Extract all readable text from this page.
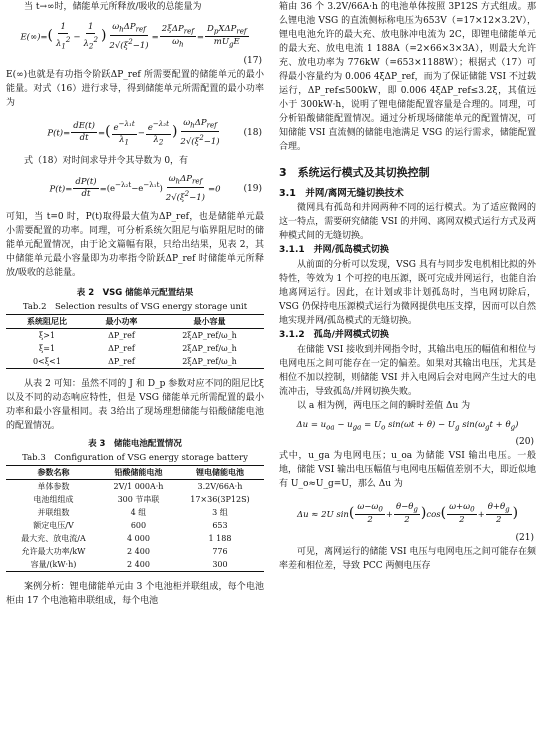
当 t→∞时，储能单元所释放/吸收的总能量为

$E(\infty)=( \frac{1}{\lambda_1^2} - \frac{1}{\lambda_2^2}$ ) $\frac{\omega_h\Delta P_{ref}}{2√(\xi^2-1)} = \frac{2\xi\Delta P_{ref}}{\omega_h} = \frac{D_pX\Delta P_{ref}}{mU_gE}$
(17)

E(∞)也就是有功指令阶跃ΔP_ref 所需要配置的储能单元的最小能量。对式（16）进行求导，得到储能单元所需配置的最小功率为

$P(t)= \frac{dE(t)}{dt}$ =( $\frac{e^{-\lambda_1t}}{\lambda_1} - \frac{e^{-\lambda_2t}}{\lambda_2}$ ) $\frac{\omega_h\Delta P_{ref}}{2√(\xi^2-1)} (18)$

式（18）对时间求导并令其导数为 0，有

$P(t)= \frac{dP(t)}{dt} =(e^{-\lambda_2t}-e^{-\lambda_1t}) \frac{\omega_h\Delta P_{ref}}{2√(\xi^2-1)} =0$	(19)

可知，当 t=0 时，P(t)取得最大值为ΔP_ref，也是储能单元最小需要配置的功率。同理，可分析系统欠阻尼与临界阻尼时的储能单元配置情况，由于论文篇幅有限，只给出结果，见表 2，其中储能单元最小容量即为功率指令阶跃ΔP_ref 时储能单元所释放/吸收的总能量。

表 2　VSG 储能单元配置结果
Tab.2　Selection results of VSG energy storage unit
系统阻尼比	最小功率	最小容量
ξ>1	ΔP_ref	2ξΔP_ref/ω_h
ξ=1	ΔP_ref	2ξΔP_ref/ω_h
0<ξ<1	ΔP_ref	2ξΔP_ref/ω_h

从表 2 可知：虽然不同的 J 和 D_p 参数对应不同的阻尼比ξ以及不同的动态响应特性，但是 VSG 储能单元所需配置的最小功率和最小容量相同。表 3给出了现场理想储能与铅酸储能电池的配置情况。

表 3　储能电池配置情况
Tab.3　Configuration of VSG energy storage battery
参数名称	铅酸储能电池	锂电储能电池
单体参数	2V/1 000A·h	3.2V/66A·h
电池组组成	300 节串联	17×36(3P12S)
并联组数	4 组	3 组
额定电压/V	600	653
最大充、放电流/A	4 000	1 188
允许最大功率/kW	2 400	776
容量/(kW·h)	2 400	300

案例分析：锂电储能单元由 3 个电池柜并联组成，每个电池柜由 17 个电池箱串联组成，每个电池

箱由 36 个 3.2V/66A·h 的电池单体按照 3P12S 方式组成。那么锂电池 VSG 的直流侧标称电压为653V（=17×12×3.2V），锂电电池允许的最大充、放电脉冲电流为 2C，即锂电储能单元的最大充、放电电流 1 188A（=2×66×3×3A），则最大允许充、放电功率为 776kW（=653×1188W）；根据式（17）可得最小容量约为 0.006 4ξΔP_ref，而为了保证储能 VSI 不过载运行，ΔP_ref≤500kW，即 0.006 4ξΔP_ref≤3.2ξ，其值远小于 300kW·h，说明了锂电储能配置容量是合理的。同理，可分析铅酸储能配置情况。通过分析现场储能单元的配置情况，可知储能 VSI 直流侧的储能电池满足 VSG 的运行需求，储能配置合理。

3　系统运行模式及其切换控制
3.1　并网/离网无缝切换技术

微网具有孤岛和并网两种不同的运行模式。为了适应微网的这一特点，需要研究储能 VSI 的并网、离网双模式运行方式及两种模式间的无缝切换。

3.1.1　并网/孤岛模式切换

从前面的分析可以发现，VSG 具有与同步发电机相比拟的外特性，等效为 1 个可控的电压源，既可完成并网运行，也能自治地离网运行。因此，在计划或非计划孤岛时，当电网切除后，VSG 仍保持电压源模式运行为微网提供电压支撑，因而可以自然地实现并网/孤岛模式的无缝切换。

3.1.2　孤岛/并网模式切换

在储能 VSI 接收到并网指令时，其输出电压的幅值和相位与电网电压之间可能存在一定的偏差。如果对其输出电压，尤其是相位不加以控制，则储能 VSI 并入电网后会对电网产生过大的电流冲击，导致孤岛/并网切换失败。

以 a 相为例，两电压之间的瞬时差值 Δu 为

$\Delta u = u_{oa} - u_{ga} = U_o$ $\sin(\omega t + \theta) - U_g$ $\sin(\omega_gt + \theta_g)$
(20)

式中，u_ga 为电网电压；u_oa 为储能 VSI 输出电压。一般地，储能 VSI 输出电压幅值与电网电压幅值差别不大，即近似地有 U_o≈U_g=U，那么 Δu 为

Δu ≈ 2U $\sin( \frac{\omega-\omega_0}{2} + \frac{\theta-\theta_g}{2} )\cos( \frac{\omega+\omega_0}{2} + \frac{\theta+\theta_g}{2}$ )
(21)

可见，离网运行的储能 VSI 电压与电网电压之间可能存在频率差和相位差，导致 PCC 两侧电压存
